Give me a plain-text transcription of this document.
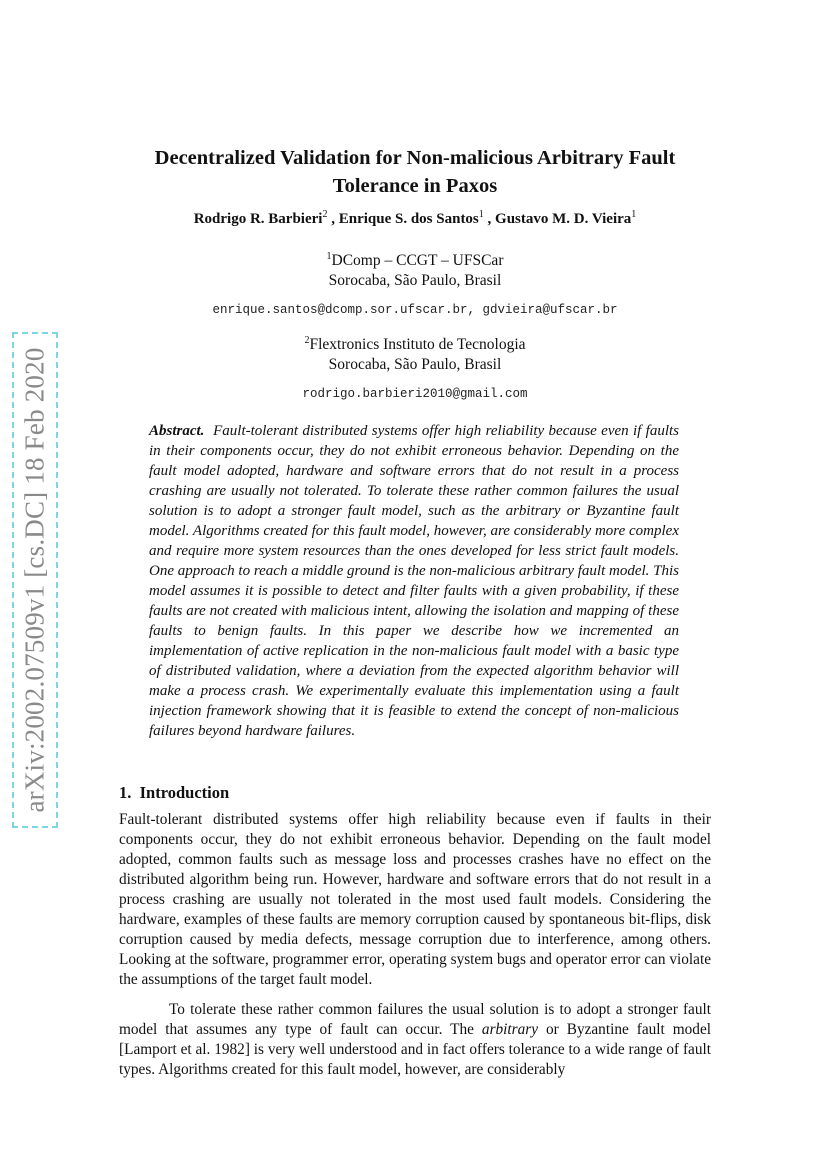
arXiv:2002.07509v1 [cs.DC] 18 Feb 2020
Decentralized Validation for Non-malicious Arbitrary Fault Tolerance in Paxos
Rodrigo R. Barbieri$^2$ , Enrique S. dos Santos$^1$ , Gustavo M. D. Vieira$^1$
$^1$DComp – CCGT – UFSCar
Sorocaba, São Paulo, Brasil
enrique.santos@dcomp.sor.ufscar.br, gdvieira@ufscar.br
$^2$Flextronics Instituto de Tecnologia
Sorocaba, São Paulo, Brasil
rodrigo.barbieri2010@gmail.com
Abstract. Fault-tolerant distributed systems offer high reliability because even if faults in their components occur, they do not exhibit erroneous behavior. Depending on the fault model adopted, hardware and software errors that do not result in a process crashing are usually not tolerated. To tolerate these rather common failures the usual solution is to adopt a stronger fault model, such as the arbitrary or Byzantine fault model. Algorithms created for this fault model, however, are considerably more complex and require more system resources than the ones developed for less strict fault models. One approach to reach a middle ground is the non-malicious arbitrary fault model. This model assumes it is possible to detect and filter faults with a given probability, if these faults are not created with malicious intent, allowing the isolation and mapping of these faults to benign faults. In this paper we describe how we incremented an implementation of active replication in the non-malicious fault model with a basic type of distributed validation, where a deviation from the expected algorithm behavior will make a process crash. We experimentally evaluate this implementation using a fault injection framework showing that it is feasible to extend the concept of non-malicious failures beyond hardware failures.
1. Introduction
Fault-tolerant distributed systems offer high reliability because even if faults in their components occur, they do not exhibit erroneous behavior. Depending on the fault model adopted, common faults such as message loss and processes crashes have no effect on the distributed algorithm being run. However, hardware and software errors that do not result in a process crashing are usually not tolerated in the most used fault models. Considering the hardware, examples of these faults are memory corruption caused by spontaneous bit-flips, disk corruption caused by media defects, message corruption due to interference, among others. Looking at the software, programmer error, operating system bugs and operator error can violate the assumptions of the target fault model.
To tolerate these rather common failures the usual solution is to adopt a stronger fault model that assumes any type of fault can occur. The arbitrary or Byzantine fault model [Lamport et al. 1982] is very well understood and in fact offers tolerance to a wide range of fault types. Algorithms created for this fault model, however, are considerably
